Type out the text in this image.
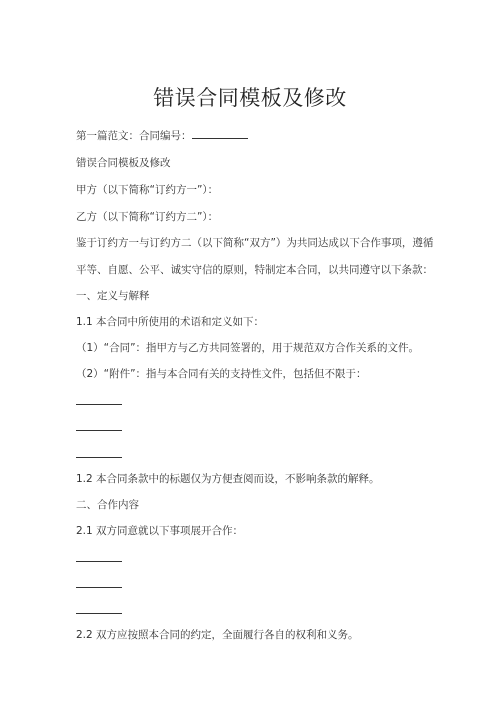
错误合同模板及修改
第一篇范文：合同编号：
错误合同模板及修改
甲方（以下简称“订约方一”）：
乙方（以下简称“订约方二”）：
鉴于订约方一与订约方二（以下简称“双方”）为共同达成以下合作事项，遵循
平等、自愿、公平、诚实守信的原则，特制定本合同，以共同遵守以下条款：
一、定义与解释
1.1 本合同中所使用的术语和定义如下：
（1）“合同”：指甲方与乙方共同签署的，用于规范双方合作关系的文件。
（2）“附件”：指与本合同有关的支持性文件，包括但不限于：
1.2 本合同条款中的标题仅为方便查阅而设，不影响条款的解释。
二、合作内容
2.1 双方同意就以下事项展开合作：
2.2 双方应按照本合同的约定，全面履行各自的权利和义务。
